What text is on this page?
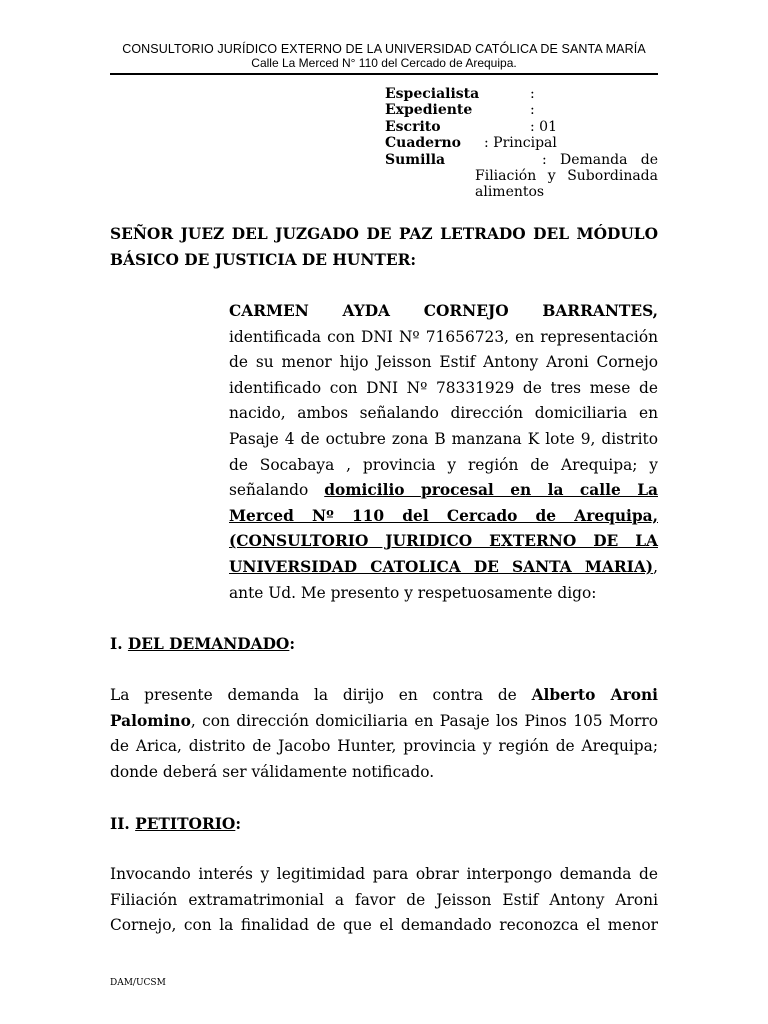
CONSULTORIO JURÍDICO EXTERNO DE LA UNIVERSIDAD CATÓLICA DE SANTA MARÍA
Calle La Merced N° 110 del Cercado de Arequipa.
Especialista	:
Expediente	:
Escrito	: 01
Cuaderno : Principal
Sumilla	: Demanda de Filiación y Subordinada alimentos
SEÑOR JUEZ DEL JUZGADO DE PAZ LETRADO DEL MÓDULO
BÁSICO DE JUSTICIA DE HUNTER:
CARMEN AYDA CORNEJO BARRANTES,
identificada con DNI Nº 71656723, en representación
de su menor hijo Jeisson Estif Antony Aroni Cornejo
identificado con DNI Nº 78331929 de tres mese de
nacido, ambos señalando dirección domiciliaria en
Pasaje 4 de octubre zona B manzana K lote 9, distrito
de Socabaya , provincia y región de Arequipa; y
señalando domicilio procesal en la calle La
Merced Nº 110 del Cercado de Arequipa,
(CONSULTORIO JURIDICO EXTERNO DE LA
UNIVERSIDAD CATOLICA DE SANTA MARIA),
ante Ud. Me presento y respetuosamente digo:
I. DEL DEMANDADO:
La presente demanda la dirijo en contra de Alberto Aroni
Palomino, con dirección domiciliaria en Pasaje los Pinos 105 Morro
de Arica, distrito de Jacobo Hunter, provincia y región de Arequipa;
donde deberá ser válidamente notificado.
II. PETITORIO:
Invocando interés y legitimidad para obrar interpongo demanda de
Filiación extramatrimonial a favor de Jeisson Estif Antony Aroni
Cornejo, con la finalidad de que el demandado reconozca el menor
DAM/UCSM
